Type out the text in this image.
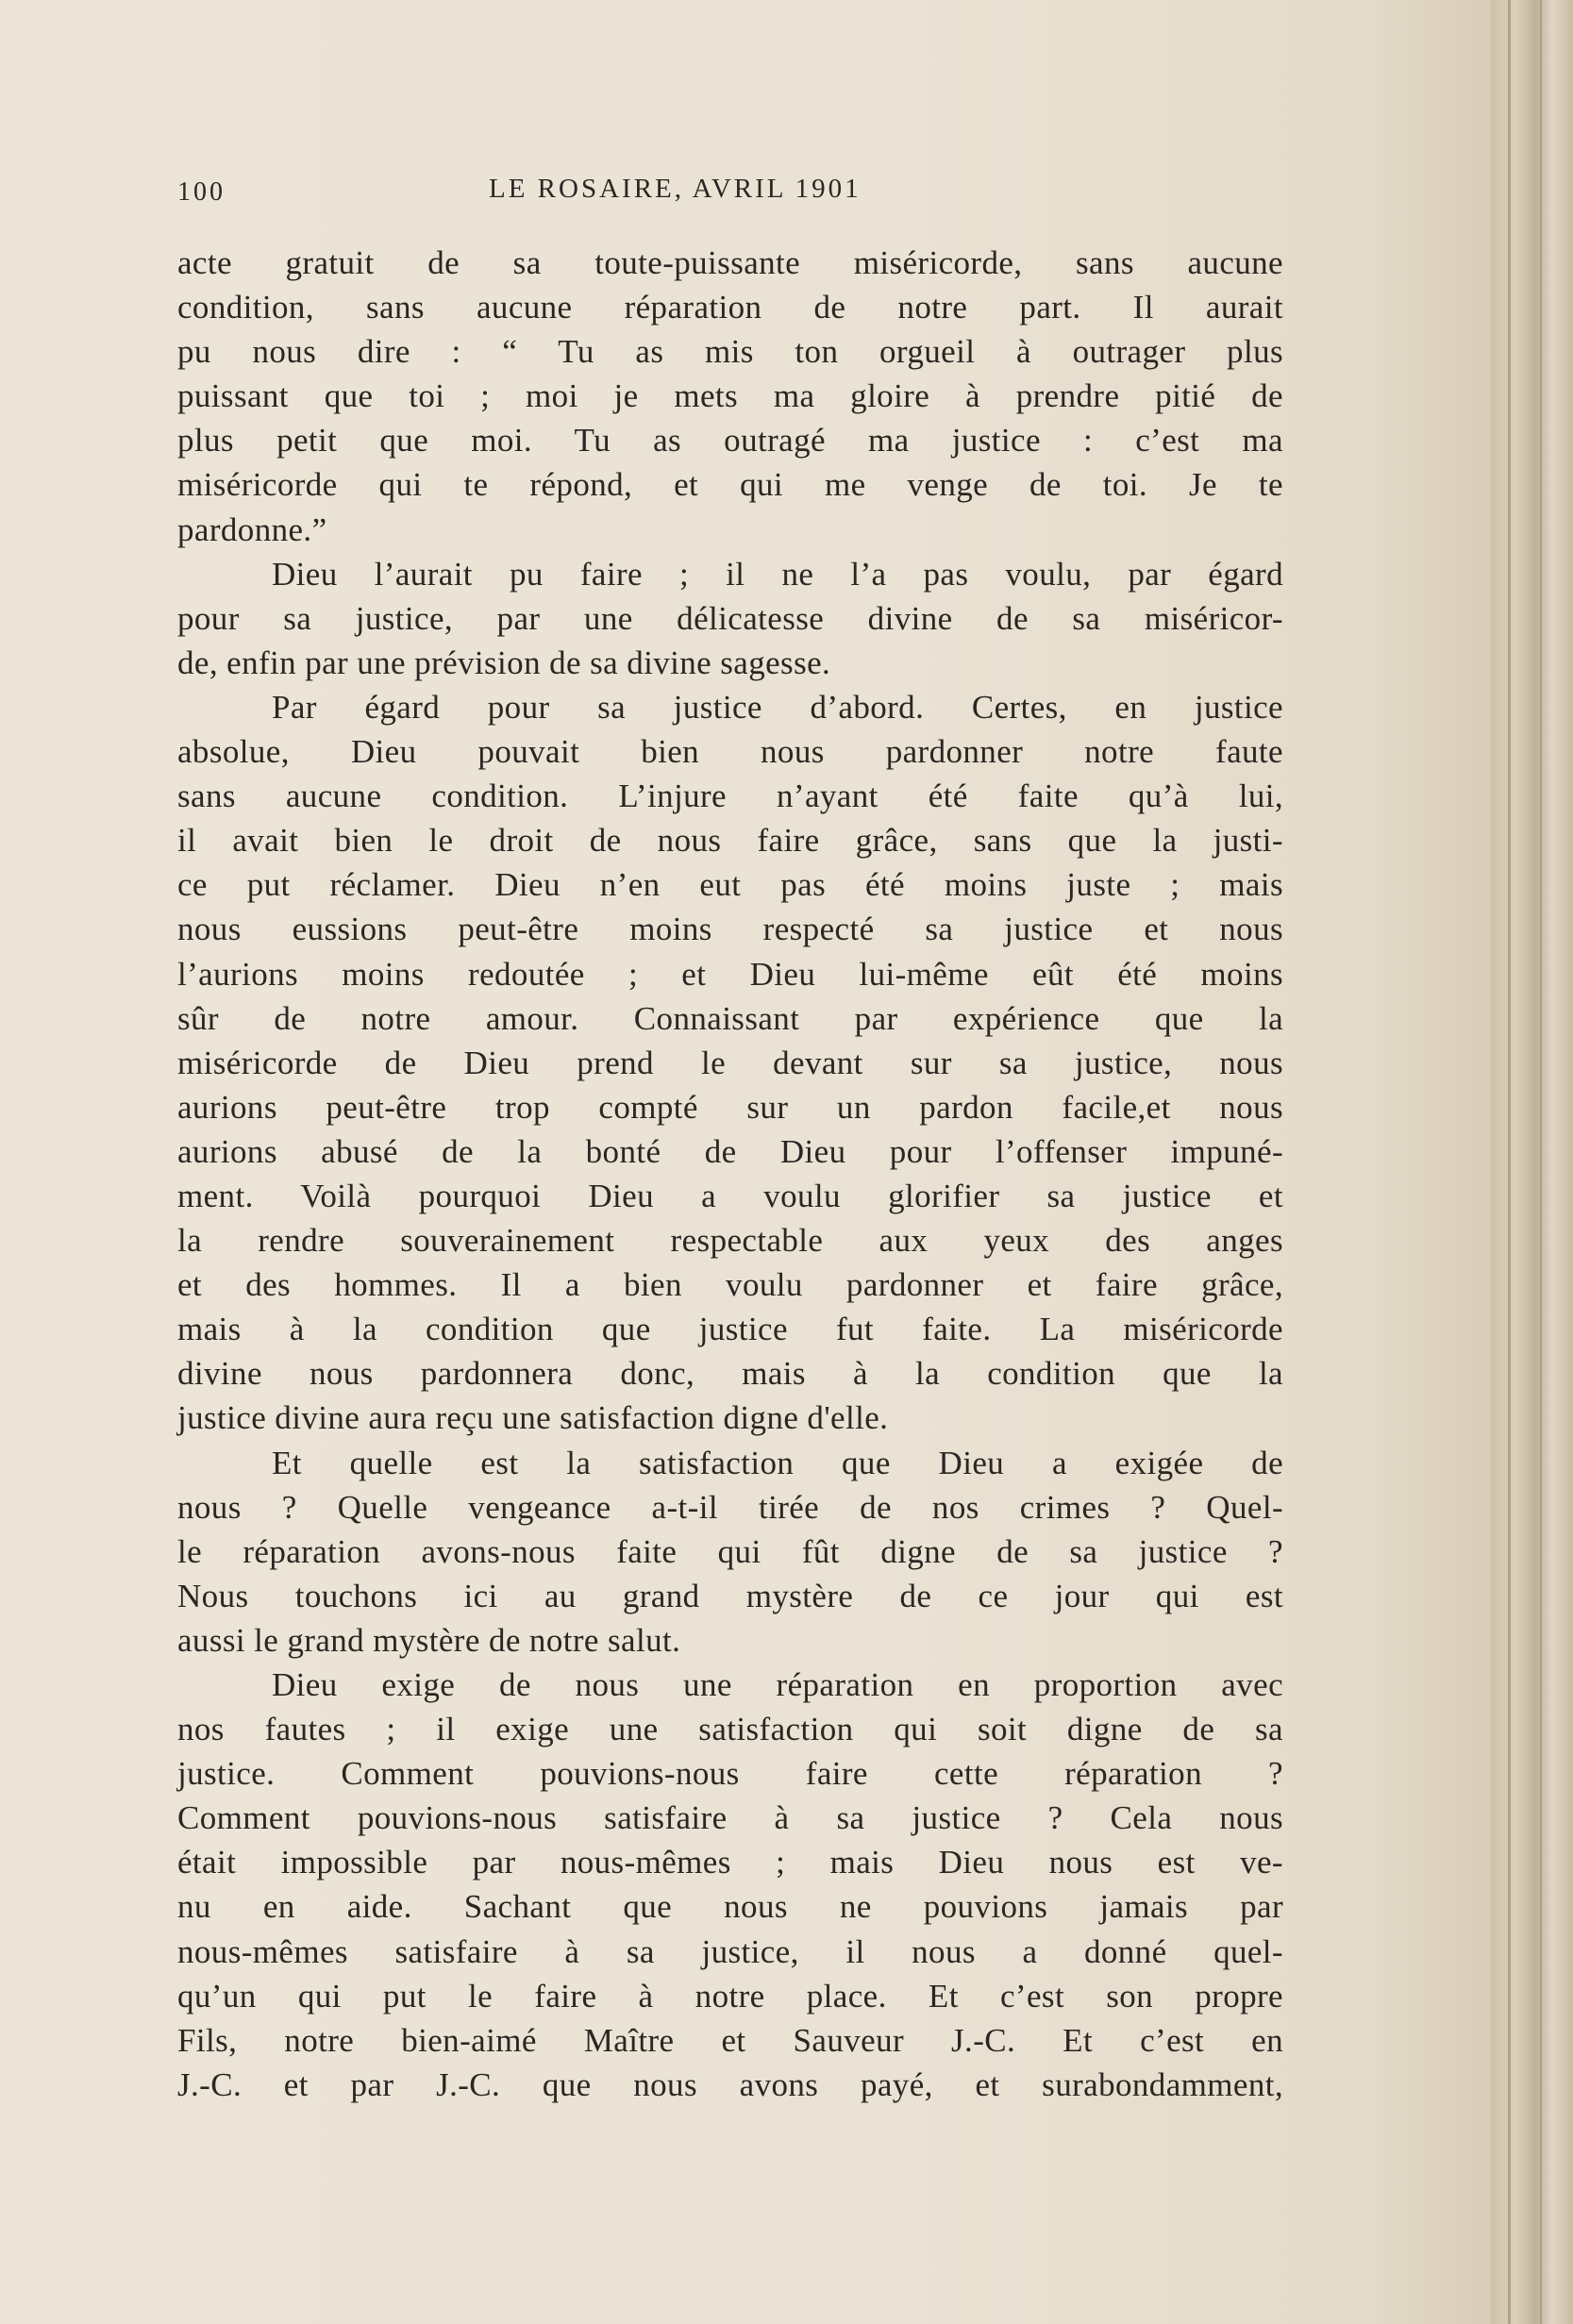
100	LE ROSAIRE, AVRIL 1901
acte gratuit de sa toute-puissante miséricorde, sans aucune
condition, sans aucune réparation de notre part. Il aurait
pu nous dire : “ Tu as mis ton orgueil à outrager plus
puissant que toi ; moi je mets ma gloire à prendre pitié de
plus petit que moi. Tu as outragé ma justice : c’est ma
miséricorde qui te répond, et qui me venge de toi. Je te
pardonne.”
Dieu l’aurait pu faire ; il ne l’a pas voulu, par égard
pour sa justice, par une délicatesse divine de sa miséricor-
de, enfin par une prévision de sa divine sagesse.
Par égard pour sa justice d’abord. Certes, en justice
absolue, Dieu pouvait bien nous pardonner notre faute
sans aucune condition. L’injure n’ayant été faite qu’à lui,
il avait bien le droit de nous faire grâce, sans que la justi-
ce put réclamer. Dieu n’en eut pas été moins juste ; mais
nous eussions peut-être moins respecté sa justice et nous
l’aurions moins redoutée ; et Dieu lui-même eût été moins
sûr de notre amour. Connaissant par expérience que la
miséricorde de Dieu prend le devant sur sa justice, nous
aurions peut-être trop compté sur un pardon facile,et nous
aurions abusé de la bonté de Dieu pour l’offenser impuné-
ment. Voilà pourquoi Dieu a voulu glorifier sa justice et
la rendre souverainement respectable aux yeux des anges
et des hommes. Il a bien voulu pardonner et faire grâce,
mais à la condition que justice fut faite. La miséricorde
divine nous pardonnera donc, mais à la condition que la
justice divine aura reçu une satisfaction digne d'elle.
Et quelle est la satisfaction que Dieu a exigée de
nous ? Quelle vengeance a-t-il tirée de nos crimes ? Quel-
le réparation avons-nous faite qui fût digne de sa justice ?
Nous touchons ici au grand mystère de ce jour qui est
aussi le grand mystère de notre salut.
Dieu exige de nous une réparation en proportion avec
nos fautes ; il exige une satisfaction qui soit digne de sa
justice. Comment pouvions-nous faire cette réparation ?
Comment pouvions-nous satisfaire à sa justice ? Cela nous
était impossible par nous-mêmes ; mais Dieu nous est ve-
nu en aide. Sachant que nous ne pouvions jamais par
nous-mêmes satisfaire à sa justice, il nous a donné quel-
qu’un qui put le faire à notre place. Et c’est son propre
Fils, notre bien-aimé Maître et Sauveur J.-C. Et c’est en
J.-C. et par J.-C. que nous avons payé, et surabondamment,
